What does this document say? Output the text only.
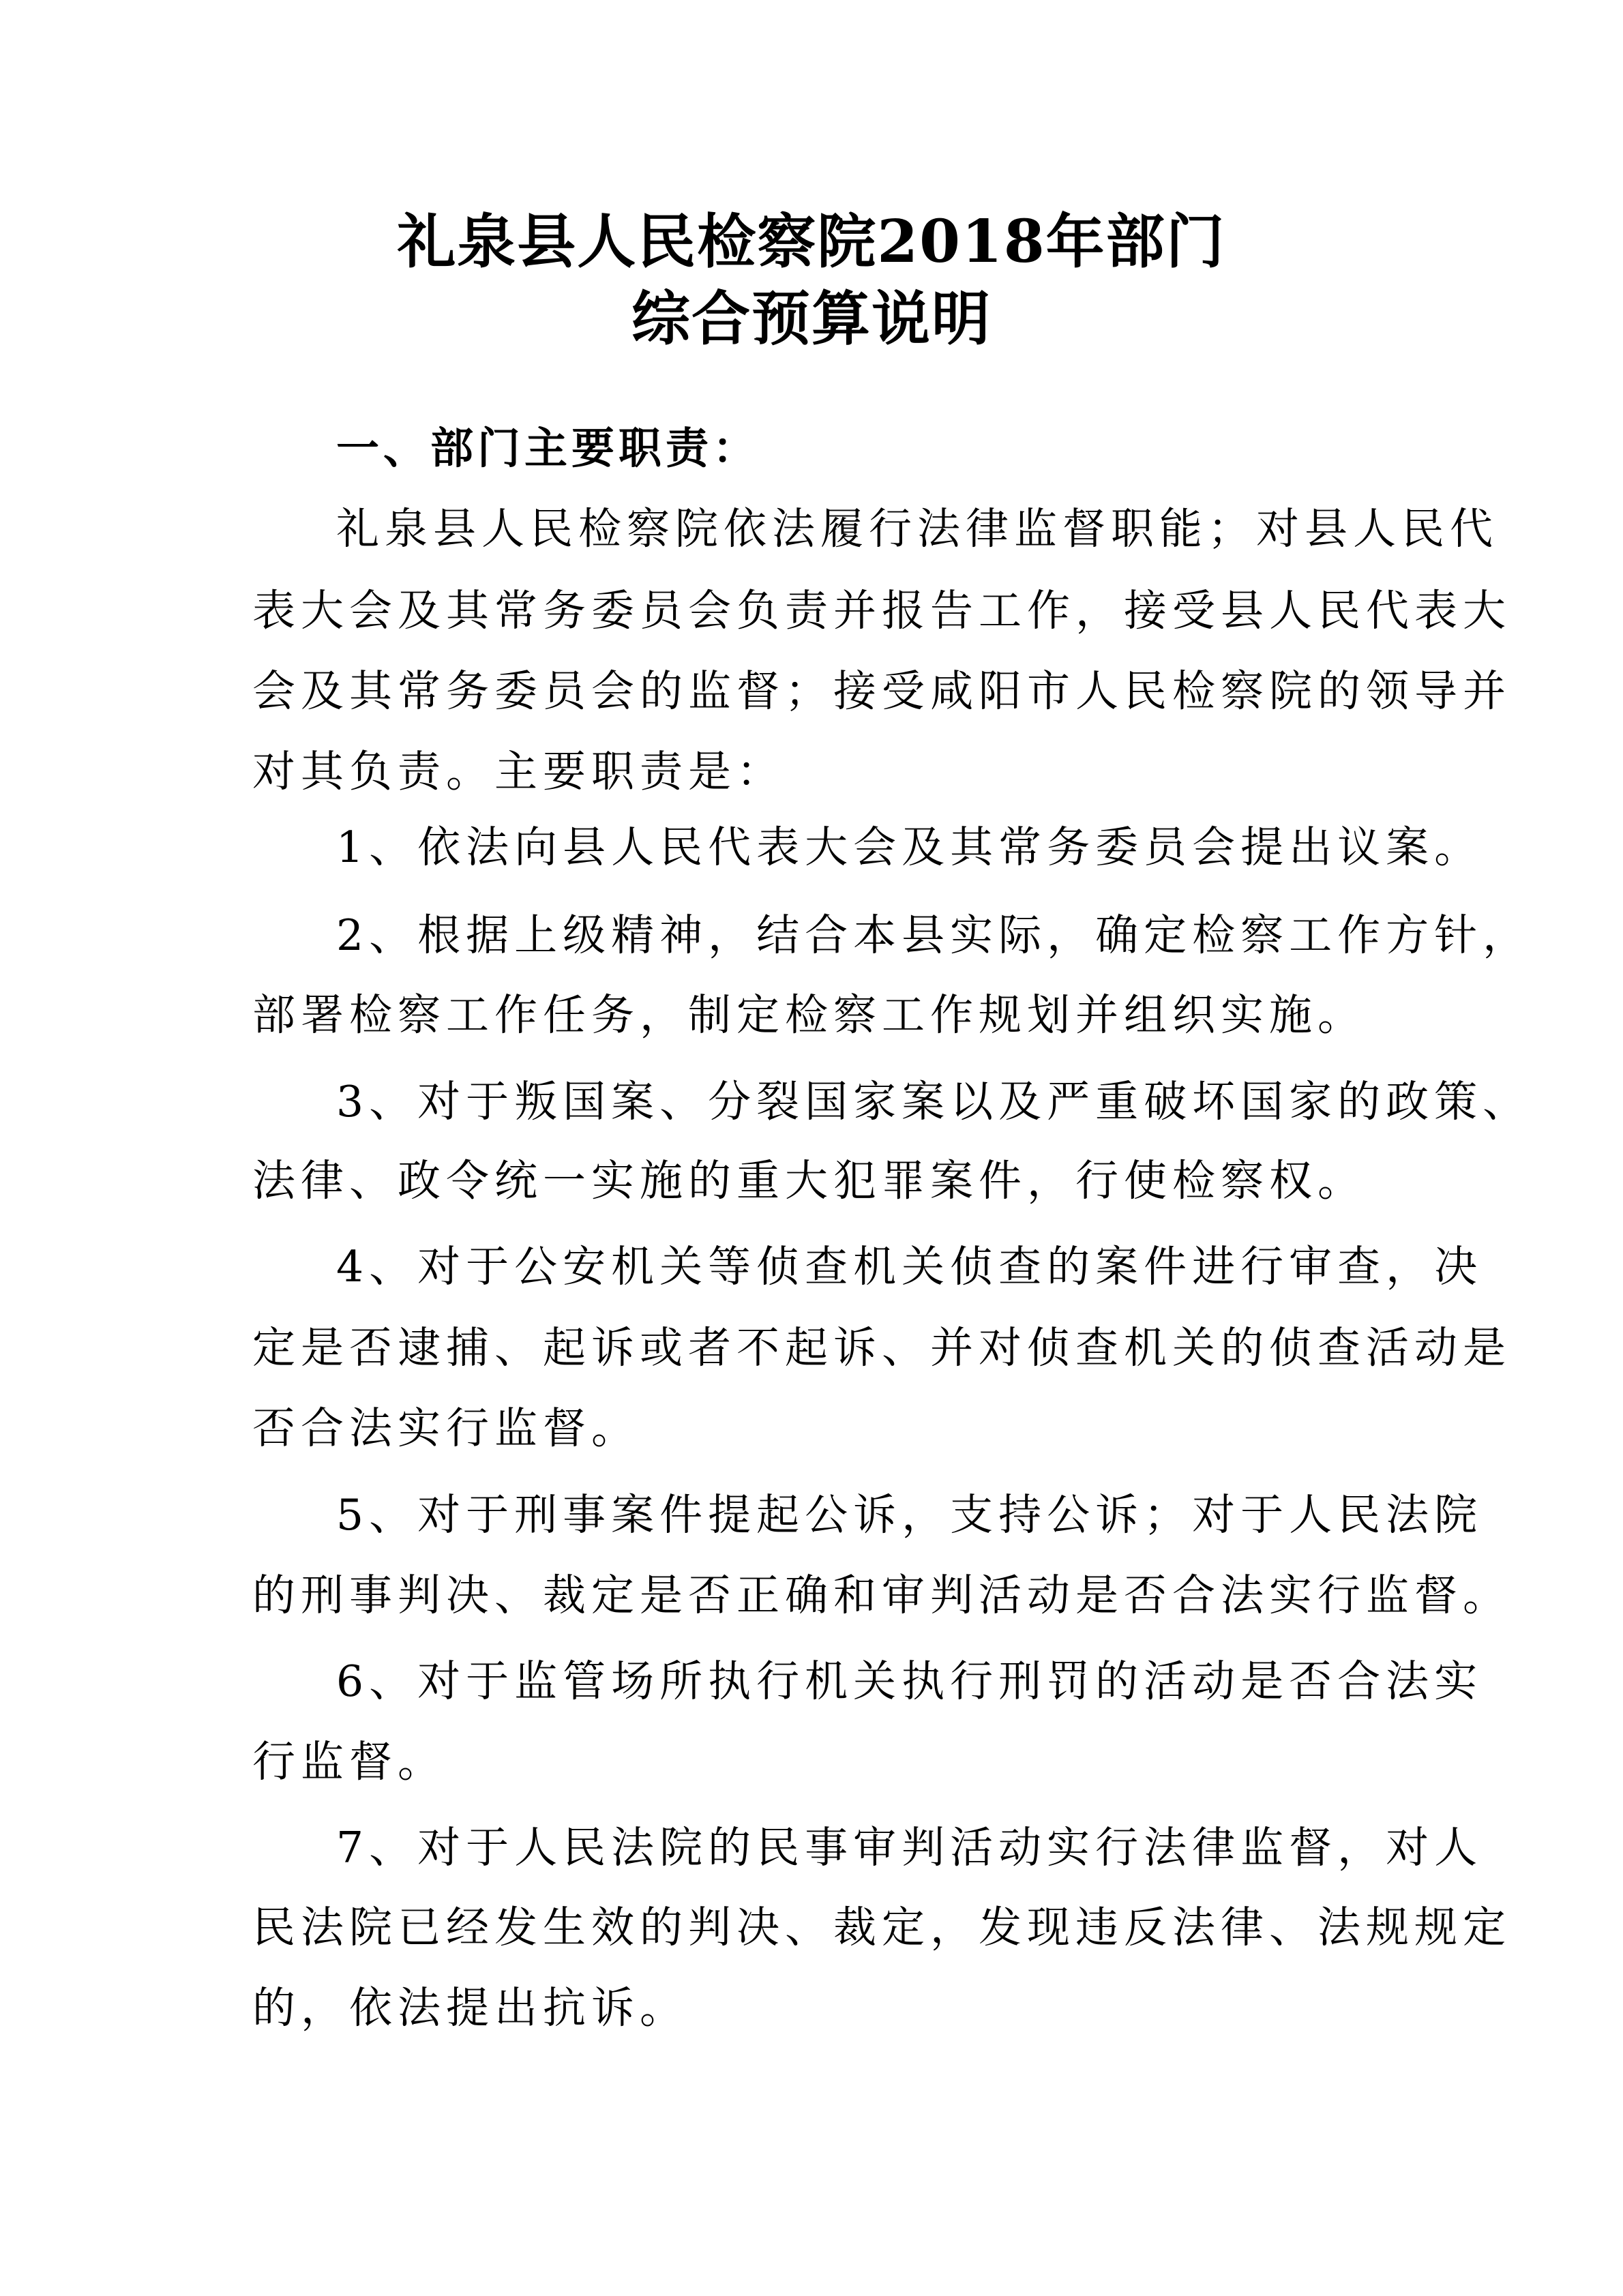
礼泉县人民检察院2018年部门
综合预算说明
一、部门主要职责：
礼泉县人民检察院依法履行法律监督职能；对县人民代
表大会及其常务委员会负责并报告工作，接受县人民代表大
会及其常务委员会的监督；接受咸阳市人民检察院的领导并
对其负责。主要职责是：
1、依法向县人民代表大会及其常务委员会提出议案。
2、根据上级精神，结合本县实际，确定检察工作方针，
部署检察工作任务，制定检察工作规划并组织实施。
3、对于叛国案、分裂国家案以及严重破坏国家的政策、
法律、政令统一实施的重大犯罪案件，行使检察权。
4、对于公安机关等侦查机关侦查的案件进行审查，决
定是否逮捕、起诉或者不起诉、并对侦查机关的侦查活动是
否合法实行监督。
5、对于刑事案件提起公诉，支持公诉；对于人民法院
的刑事判决、裁定是否正确和审判活动是否合法实行监督。
6、对于监管场所执行机关执行刑罚的活动是否合法实
行监督。
7、对于人民法院的民事审判活动实行法律监督，对人
民法院已经发生效的判决、裁定，发现违反法律、法规规定
的，依法提出抗诉。
